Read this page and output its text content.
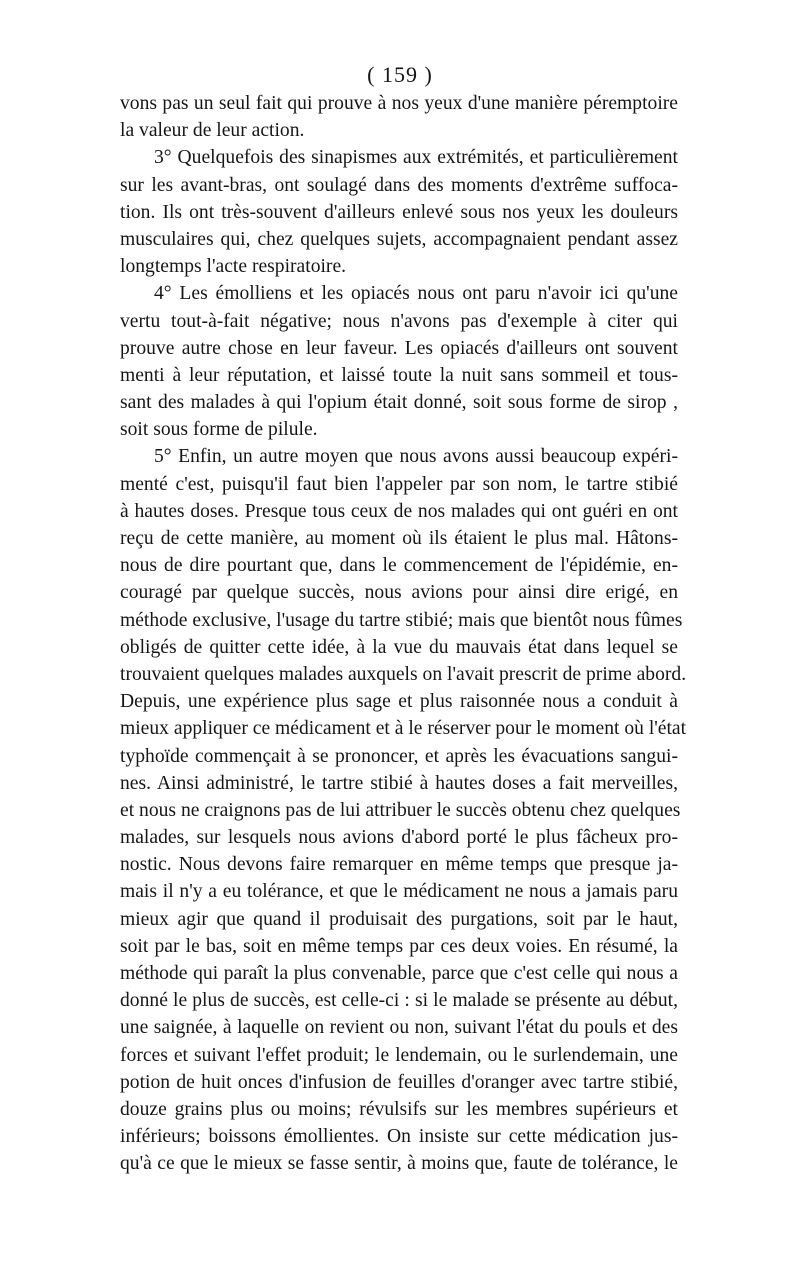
( 159 )
vons pas un seul fait qui prouve à nos yeux d'une manière péremptoire
la valeur de leur action.
3° Quelquefois des sinapismes aux extrémités, et particulièrement
sur les avant-bras, ont soulagé dans des moments d'extrême suffoca-
tion. Ils ont très-souvent d'ailleurs enlevé sous nos yeux les douleurs
musculaires qui, chez quelques sujets, accompagnaient pendant assez
longtemps l'acte respiratoire.
4° Les émolliens et les opiacés nous ont paru n'avoir ici qu'une
vertu tout-à-fait négative; nous n'avons pas d'exemple à citer qui
prouve autre chose en leur faveur. Les opiacés d'ailleurs ont souvent
menti à leur réputation, et laissé toute la nuit sans sommeil et tous-
sant des malades à qui l'opium était donné, soit sous forme de sirop ,
soit sous forme de pilule.
5° Enfin, un autre moyen que nous avons aussi beaucoup expéri-
menté c'est, puisqu'il faut bien l'appeler par son nom, le tartre stibié
à hautes doses. Presque tous ceux de nos malades qui ont guéri en ont
reçu de cette manière, au moment où ils étaient le plus mal. Hâtons-
nous de dire pourtant que, dans le commencement de l'épidémie, en-
couragé par quelque succès, nous avions pour ainsi dire erigé, en
méthode exclusive, l'usage du tartre stibié; mais que bientôt nous fûmes
obligés de quitter cette idée, à la vue du mauvais état dans lequel se
trouvaient quelques malades auxquels on l'avait prescrit de prime abord.
Depuis, une expérience plus sage et plus raisonnée nous a conduit à
mieux appliquer ce médicament et à le réserver pour le moment où l'état
typhoïde commençait à se prononcer, et après les évacuations sangui-
nes. Ainsi administré, le tartre stibié à hautes doses a fait merveilles,
et nous ne craignons pas de lui attribuer le succès obtenu chez quelques
malades, sur lesquels nous avions d'abord porté le plus fâcheux pro-
nostic. Nous devons faire remarquer en même temps que presque ja-
mais il n'y a eu tolérance, et que le médicament ne nous a jamais paru
mieux agir que quand il produisait des purgations, soit par le haut,
soit par le bas, soit en même temps par ces deux voies. En résumé, la
méthode qui paraît la plus convenable, parce que c'est celle qui nous a
donné le plus de succès, est celle-ci : si le malade se présente au début,
une saignée, à laquelle on revient ou non, suivant l'état du pouls et des
forces et suivant l'effet produit; le lendemain, ou le surlendemain, une
potion de huit onces d'infusion de feuilles d'oranger avec tartre stibié,
douze grains plus ou moins; révulsifs sur les membres supérieurs et
inférieurs; boissons émollientes. On insiste sur cette médication jus-
qu'à ce que le mieux se fasse sentir, à moins que, faute de tolérance, le
